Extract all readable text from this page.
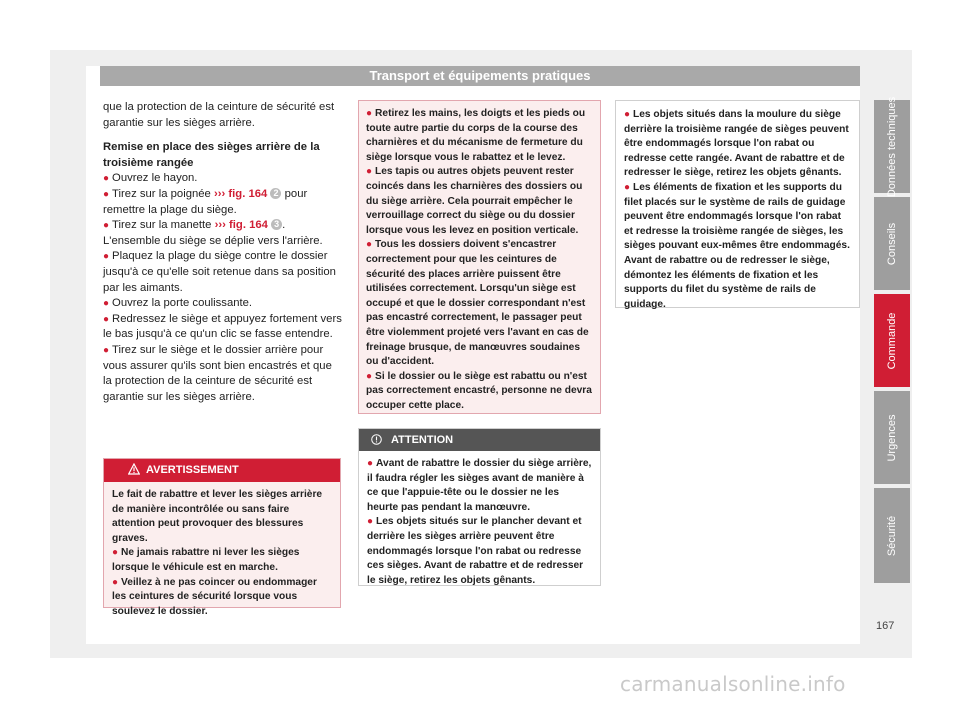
Transport et équipements pratiques

que la protection de la ceinture de sécurité est garantie sur les sièges arrière.

Remise en place des sièges arrière de la troisième rangée

● Ouvrez le hayon.

● Tirez sur la poignée ››› fig. 164 2 pour remettre la plage du siège.

● Tirez sur la manette ››› fig. 164 3 . L'ensemble du siège se déplie vers l'arrière.

● Plaquez la plage du siège contre le dossier jusqu'à ce qu'elle soit retenue dans sa position par les aimants.

● Ouvrez la porte coulissante.

● Redressez le siège et appuyez fortement vers le bas jusqu'à ce qu'un clic se fasse entendre.

● Tirez sur le siège et le dossier arrière pour vous assurer qu'ils sont bien encastrés et que la protection de la ceinture de sécurité est garantie sur les sièges arrière.

AVERTISSEMENT

Le fait de rabattre et lever les sièges arrière de manière incontrôlée ou sans faire attention peut provoquer des blessures graves.

● Ne jamais rabattre ni lever les sièges lorsque le véhicule est en marche.

● Veillez à ne pas coincer ou endommager les ceintures de sécurité lorsque vous soulevez le dossier.

● Retirez les mains, les doigts et les pieds ou toute autre partie du corps de la course des charnières et du mécanisme de fermeture du siège lorsque vous le rabattez et le levez.

● Les tapis ou autres objets peuvent rester coincés dans les charnières des dossiers ou du siège arrière. Cela pourrait empêcher le verrouillage correct du siège ou du dossier lorsque vous les levez en position verticale.

● Tous les dossiers doivent s'encastrer correctement pour que les ceintures de sécurité des places arrière puissent être utilisées correctement. Lorsqu'un siège est occupé et que le dossier correspondant n'est pas encastré correctement, le passager peut être violemment projeté vers l'avant en cas de freinage brusque, de manœuvres soudaines ou d'accident.

● Si le dossier ou le siège est rabattu ou n'est pas correctement encastré, personne ne devra occuper cette place.

ATTENTION

● Avant de rabattre le dossier du siège arrière, il faudra régler les sièges avant de manière à ce que l'appuie-tête ou le dossier ne les heurte pas pendant la manœuvre.

● Les objets situés sur le plancher devant et derrière les sièges arrière peuvent être endommagés lorsque l'on rabat ou redresse ces sièges. Avant de rabattre et de redresser le siège, retirez les objets gênants.

● Les objets situés dans la moulure du siège derrière la troisième rangée de sièges peuvent être endommagés lorsque l'on rabat ou redresse cette rangée. Avant de rabattre et de redresser le siège, retirez les objets gênants.

● Les éléments de fixation et les supports du filet placés sur le système de rails de guidage peuvent être endommagés lorsque l'on rabat et redresse la troisième rangée de sièges, les sièges pouvant eux-mêmes être endommagés. Avant de rabattre ou de redresser le siège, démontez les éléments de fixation et les supports du filet du système de rails de guidage.

Données techniques
Conseils
Commande
Urgences
Sécurité
167
carmanualsonline.info
